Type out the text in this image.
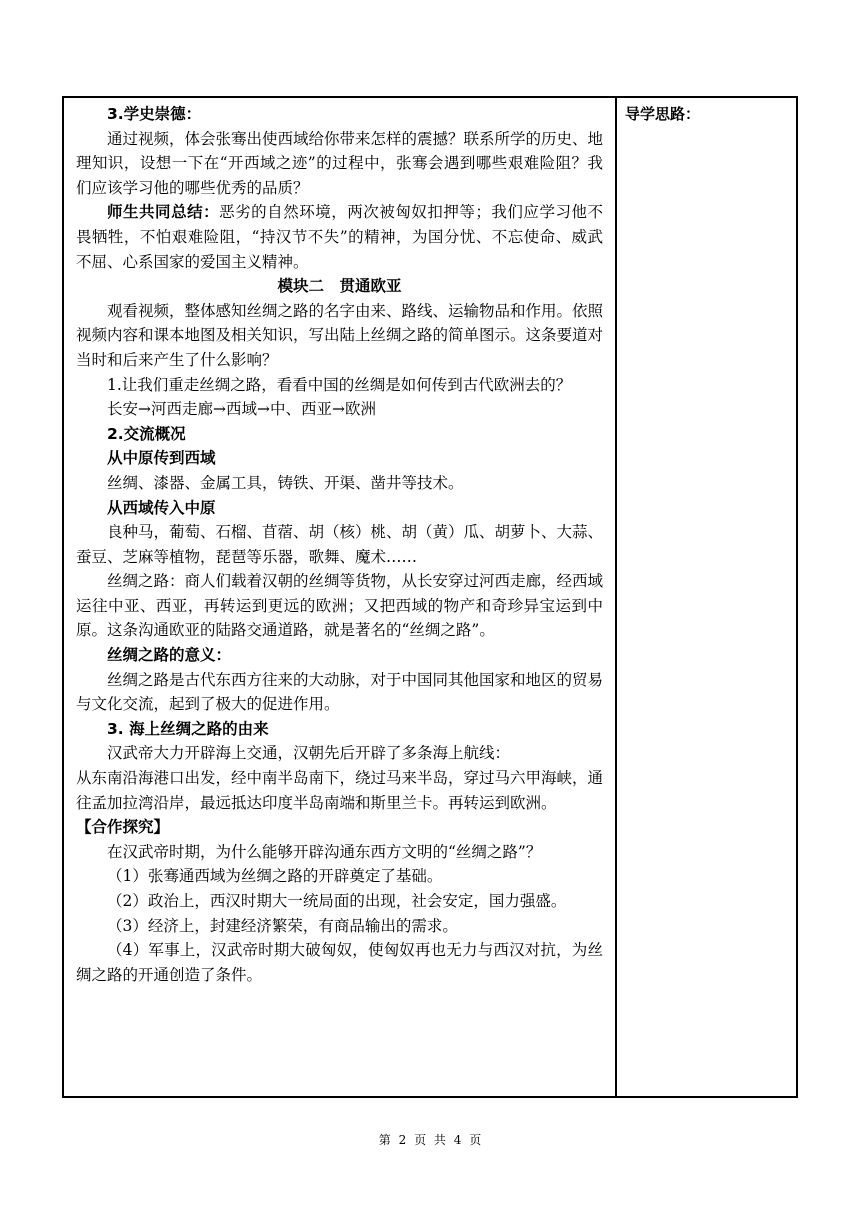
3.学史崇德：

通过视频，体会张骞出使西域给你带来怎样的震撼？联系所学的历史、地理知识，设想一下在“开西域之迹”的过程中，张骞会遇到哪些艰难险阻？我们应该学习他的哪些优秀的品质？

师生共同总结：恶劣的自然环境，两次被匈奴扣押等；我们应学习他不畏牺牲，不怕艰难险阻，“持汉节不失”的精神，为国分忧、不忘使命、威武不屈、心系国家的爱国主义精神。

模块二　贯通欧亚

观看视频，整体感知丝绸之路的名字由来、路线、运输物品和作用。依照视频内容和课本地图及相关知识，写出陆上丝绸之路的简单图示。这条要道对当时和后来产生了什么影响？

1.让我们重走丝绸之路，看看中国的丝绸是如何传到古代欧洲去的？

长安→河西走廊→西域→中、西亚→欧洲

2.交流概况

从中原传到西域

丝绸、漆器、金属工具，铸铁、开渠、凿井等技术。

从西域传入中原

良种马，葡萄、石榴、苜蓿、胡（核）桃、胡（黄）瓜、胡萝卜、大蒜、蚕豆、芝麻等植物，琵琶等乐器，歌舞、魔术……

丝绸之路：商人们载着汉朝的丝绸等货物，从长安穿过河西走廊，经西域运往中亚、西亚，再转运到更远的欧洲；又把西域的物产和奇珍异宝运到中原。这条沟通欧亚的陆路交通道路，就是著名的“丝绸之路”。

丝绸之路的意义：

丝绸之路是古代东西方往来的大动脉，对于中国同其他国家和地区的贸易与文化交流，起到了极大的促进作用。

3. 海上丝绸之路的由来

汉武帝大力开辟海上交通，汉朝先后开辟了多条海上航线：

从东南沿海港口出发，经中南半岛南下，绕过马来半岛，穿过马六甲海峡，通往孟加拉湾沿岸，最远抵达印度半岛南端和斯里兰卡。再转运到欧洲。

【合作探究】

在汉武帝时期，为什么能够开辟沟通东西方文明的“丝绸之路”？

（1）张骞通西域为丝绸之路的开辟奠定了基础。

（2）政治上，西汉时期大一统局面的出现，社会安定，国力强盛。

（3）经济上，封建经济繁荣，有商品输出的需求。

（4）军事上，汉武帝时期大破匈奴，使匈奴再也无力与西汉对抗，为丝绸之路的开通创造了条件。

导学思路：
第 2 页 共 4 页
